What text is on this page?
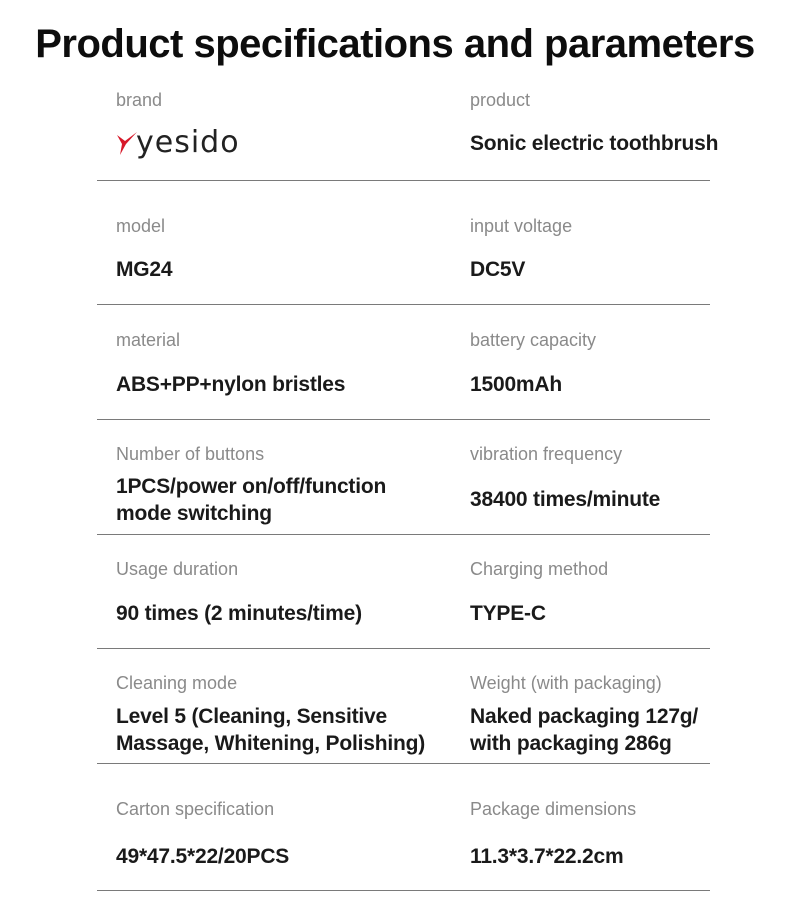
Product specifications and parameters
brand
yesido
product
Sonic electric toothbrush
model
MG24
input voltage
DC5V
material
ABS+PP+nylon bristles
battery capacity
1500mAh
Number of buttons
1PCS/power on/off/function
mode switching
vibration frequency
38400 times/minute
Usage duration
90 times (2 minutes/time)
Charging method
TYPE-C
Cleaning mode
Level 5 (Cleaning, Sensitive
Massage, Whitening, Polishing)
Weight (with packaging)
Naked packaging 127g/
with packaging 286g
Carton specification
49*47.5*22/20PCS
Package dimensions
11.3*3.7*22.2cm
